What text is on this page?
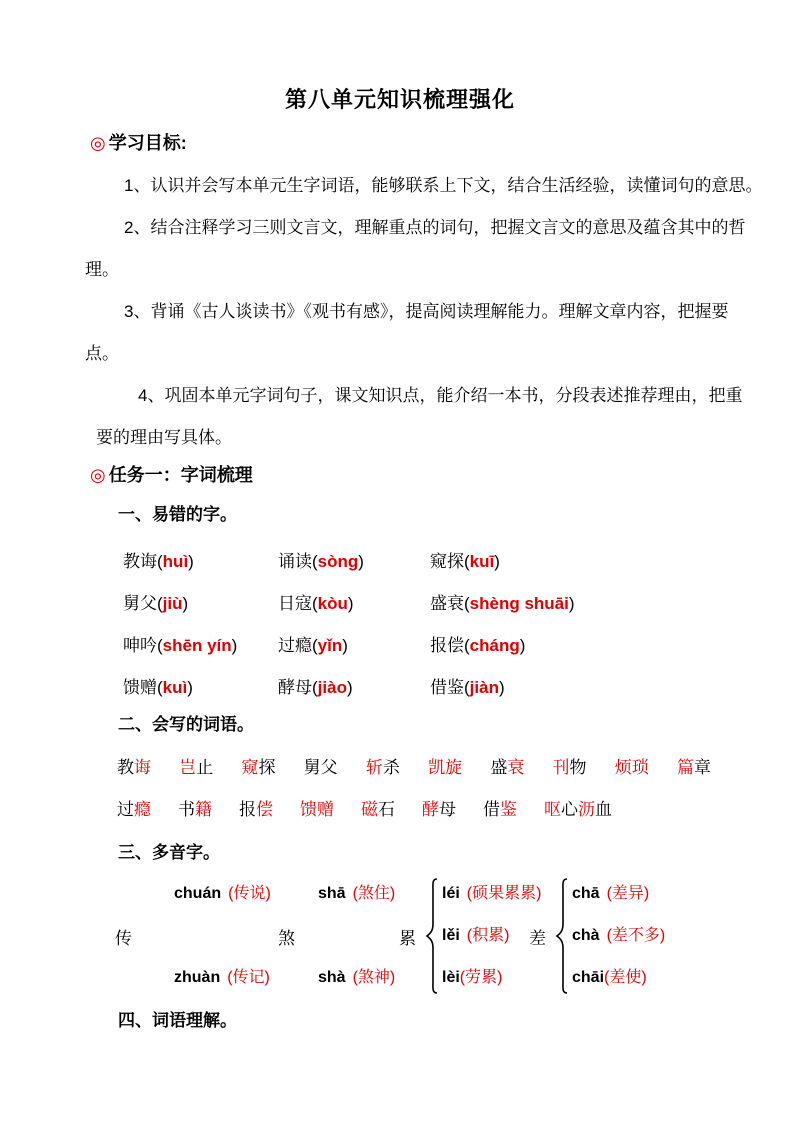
第八单元知识梳理强化
◎ 学习目标:
1、认识并会写本单元生字词语，能够联系上下文，结合生活经验，读懂词句的意思。
2、结合注释学习三则文言文，理解重点的词句，把握文言文的意思及蕴含其中的哲
理。
3、背诵《古人谈读书》《观书有感》，提高阅读理解能力。理解文章内容，把握要
点。
4、巩固本单元字词句子，课文知识点，能介绍一本书，分段表述推荐理由，把重
要的理由写具体。
◎ 任务一：字词梳理
一、易错的字。
教诲(huì)	诵读(sòng)	窥探(kuī)
舅父(jiù)	日寇(kòu)	盛衰(shèng shuāi)
呻吟(shēn yín)	过瘾(yǐn)	报偿(cháng)
馈赠(kuì)	酵母(jiào)	借鉴(jiàn)
二、会写的词语。
教诲 岂止 窥探 舅父 斩杀 凯旋 盛衰 刊物 烦琐 篇章
过瘾 书籍 报偿 馈赠 磁石 酵母 借鉴 呕心沥血
三、多音字。
传
chuán (传说)
zhuàn (传记)
煞
shā (煞住)
shà (煞神)
累
léi (硕果累累)
lěi (积累)
lèi(劳累)
差
chā (差异)
chà (差不多)
chāi(差使)
四、词语理解。
